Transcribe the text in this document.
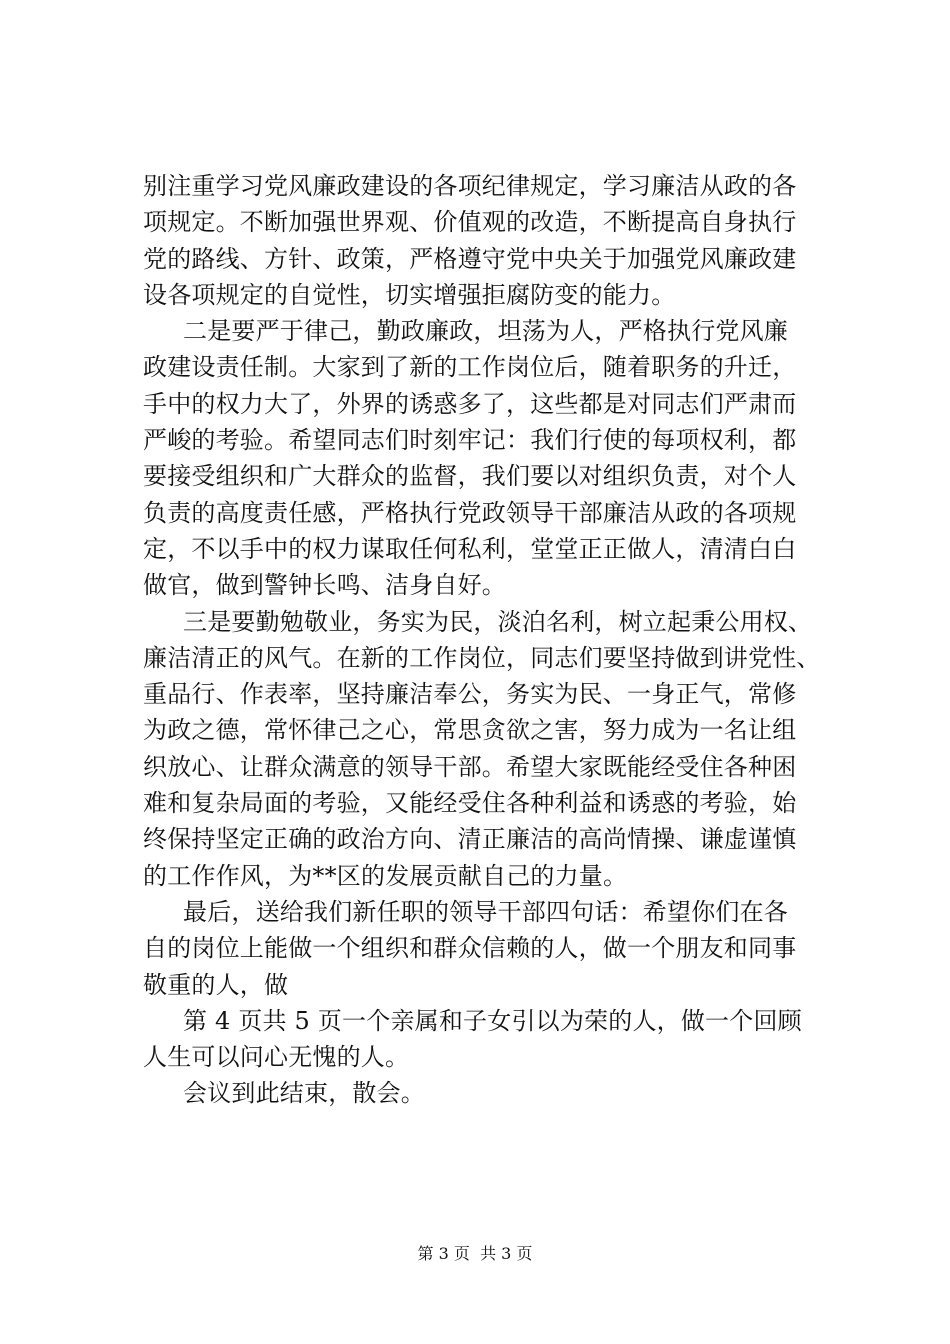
别注重学习党风廉政建设的各项纪律规定，学习廉洁从政的各
项规定。不断加强世界观、价值观的改造，不断提高自身执行
党的路线、方针、政策，严格遵守党中央关于加强党风廉政建
设各项规定的自觉性，切实增强拒腐防变的能力。
二是要严于律己，勤政廉政，坦荡为人，严格执行党风廉
政建设责任制。大家到了新的工作岗位后，随着职务的升迁，
手中的权力大了，外界的诱惑多了，这些都是对同志们严肃而
严峻的考验。希望同志们时刻牢记：我们行使的每项权利，都
要接受组织和广大群众的监督，我们要以对组织负责，对个人
负责的高度责任感，严格执行党政领导干部廉洁从政的各项规
定，不以手中的权力谋取任何私利，堂堂正正做人，清清白白
做官，做到警钟长鸣、洁身自好。
三是要勤勉敬业，务实为民，淡泊名利，树立起秉公用权、
廉洁清正的风气。在新的工作岗位，同志们要坚持做到讲党性、
重品行、作表率，坚持廉洁奉公，务实为民、一身正气，常修
为政之德，常怀律己之心，常思贪欲之害，努力成为一名让组
织放心、让群众满意的领导干部。希望大家既能经受住各种困
难和复杂局面的考验，又能经受住各种利益和诱惑的考验，始
终保持坚定正确的政治方向、清正廉洁的高尚情操、谦虚谨慎
的工作作风，为**区的发展贡献自己的力量。
最后，送给我们新任职的领导干部四句话：希望你们在各
自的岗位上能做一个组织和群众信赖的人，做一个朋友和同事
敬重的人，做
第 4 页共 5 页一个亲属和子女引以为荣的人，做一个回顾
人生可以问心无愧的人。
会议到此结束，散会。
第 3 页  共 3 页
